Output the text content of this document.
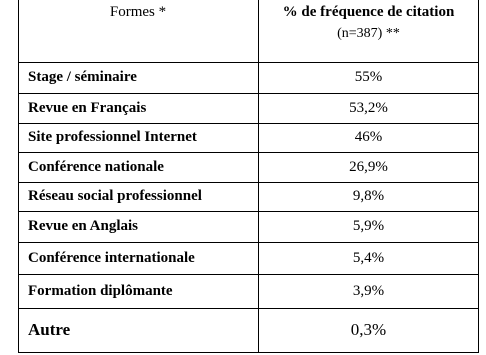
Formes *	% de fréquence de citation
(n=387) **
Stage / séminaire	55%
Revue en Français	53,2%
Site professionnel Internet	46%
Conférence nationale	26,9%
Réseau social professionnel	9,8%
Revue en Anglais	5,9%
Conférence internationale	5,4%
Formation diplômante	3,9%
Autre	0,3%
